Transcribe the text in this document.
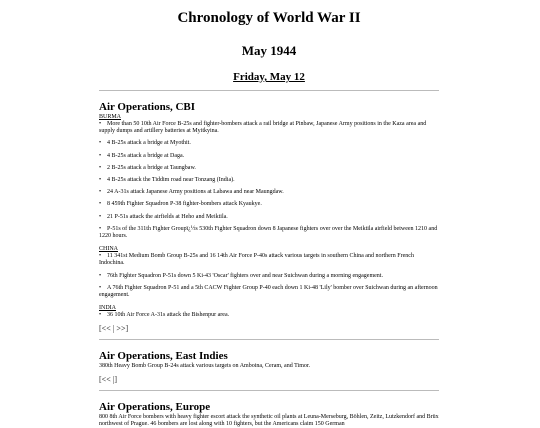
Chronology of World War II
May 1944
Friday, May 12
Air Operations, CBI
BURMA
• More than 50 10th Air Force B-25s and fighter-bombers attack a rail bridge at Pinbaw, Japanese Army positions in the Kaza area and supply dumps and artillery batteries at Myitkyina.
• 4 B-25s attack a bridge at Myothit.
• 4 B-25s attack a bridge at Daga.
• 2 B-25s attack a bridge at Taungbaw.
• 4 B-25s attack the Tiddim road near Tonzang (India).
• 24 A-31s attack Japanese Army positions at Labawa and near Maungdaw.
• 8 459th Fighter Squadron P-38 fighter-bombers attack Kyaukye.
• 21 P-51s attack the airfields at Heho and Meiktila.
• P-51s of the 311th Fighter Groupï¿½s 530th Fighter Squadron down 8 Japanese fighters over over the Meiktila airfield between 1210 and 1220 hours.
CHINA
• 11 341st Medium Bomb Group B-25s and 16 14th Air Force P-40s attack various targets in southern China and northern French Indochina.
• 76th Fighter Squadron P-51s down 5 Ki-43 'Oscar' fighters over and near Suichwan during a morning engagement.
• A 76th Fighter Squadron P-51 and a 5th CACW Fighter Group P-40 each down 1 Ki-48 'Lily' bomber over Suichwan during an afternoon engagement.
INDIA
• 36 10th Air Force A-31s attack the Bishenpur area.
[<< | >>]
Air Operations, East Indies

380th Heavy Bomb Group B-24s attack various targets on Amboina, Ceram, and Timor.

[<< |]
Air Operations, Europe

800 8th Air Force bombers with heavy fighter escort attack the synthetic oil plants at Leuna-Merseburg, Böhlen, Zeitz, Lutzkendorf and Brüx northwest of Prague. 46 bombers are lost along with 10 fighters, but the Americans claim 150 German
